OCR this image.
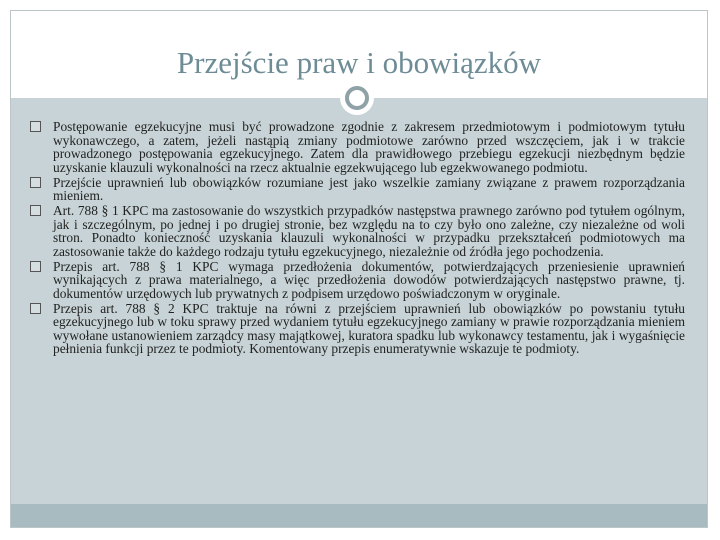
Przejście praw i obowiązków
Postępowanie egzekucyjne musi być prowadzone zgodnie z zakresem przedmiotowym i podmiotowym tytułu wykonawczego, a zatem, jeżeli nastąpią zmiany podmiotowe zarówno przed wszczęciem, jak i w trakcie prowadzonego postępowania egzekucyjnego. Zatem dla prawidłowego przebiegu egzekucji niezbędnym będzie uzyskanie klauzuli wykonalności na rzecz aktualnie egzekwującego lub egzekwowanego podmiotu.
Przejście uprawnień lub obowiązków rozumiane jest jako wszelkie zamiany związane z prawem rozporządzania mieniem.
Art. 788 § 1 KPC ma zastosowanie do wszystkich przypadków następstwa prawnego zarówno pod tytułem ogólnym, jak i szczególnym, po jednej i po drugiej stronie, bez względu na to czy było ono zależne, czy niezależne od woli stron. Ponadto konieczność uzyskania klauzuli wykonalności w przypadku przekształceń podmiotowych ma zastosowanie także do każdego rodzaju tytułu egzekucyjnego, niezależnie od źródła jego pochodzenia.
Przepis art. 788 § 1 KPC wymaga przedłożenia dokumentów, potwierdzających przeniesienie uprawnień wynikających z prawa materialnego, a więc przedłożenia dowodów potwierdzających następstwo prawne, tj. dokumentów urzędowych lub prywatnych z podpisem urzędowo poświadczonym w oryginale.
Przepis art. 788 § 2 KPC traktuje na równi z przejściem uprawnień lub obowiązków po powstaniu tytułu egzekucyjnego lub w toku sprawy przed wydaniem tytułu egzekucyjnego zamiany w prawie rozporządzania mieniem wywołane ustanowieniem zarządcy masy majątkowej, kuratora spadku lub wykonawcy testamentu, jak i wygaśnięcie pełnienia funkcji przez te podmioty. Komentowany przepis enumeratywnie wskazuje te podmioty.
